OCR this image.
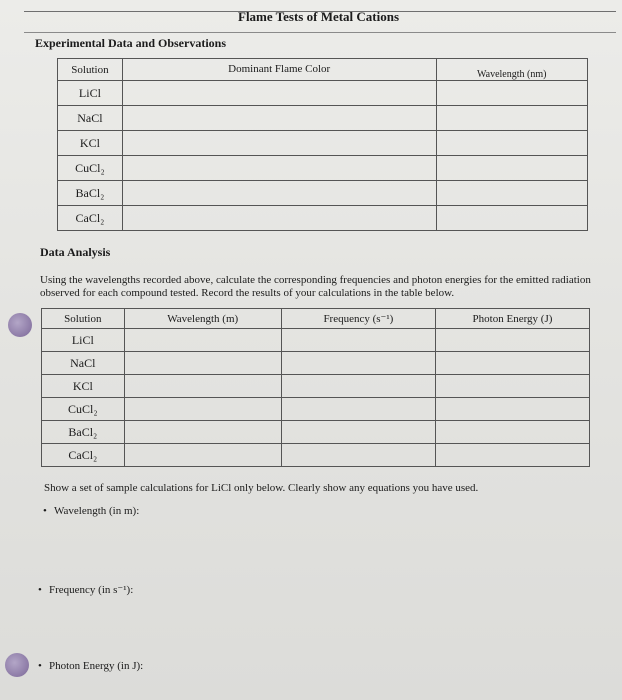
Flame Tests of Metal Cations
Experimental Data and Observations
Solution	Dominant Flame Color	Wavelength (nm)
LiCl		
NaCl		
KCl		
CuCl₂		
BaCl₂		
CaCl₂		
Data Analysis
Using the wavelengths recorded above, calculate the corresponding frequencies and photon energies for the emitted radiation observed for each compound tested. Record the results of your calculations in the table below.
Solution	Wavelength (m)	Frequency (s⁻¹)	Photon Energy (J)
LiCl			
NaCl			
KCl			
CuCl₂			
BaCl₂			
CaCl₂			
Show a set of sample calculations for LiCl only below. Clearly show any equations you have used.
• Wavelength (in m):
• Frequency (in s⁻¹):
• Photon Energy (in J):
